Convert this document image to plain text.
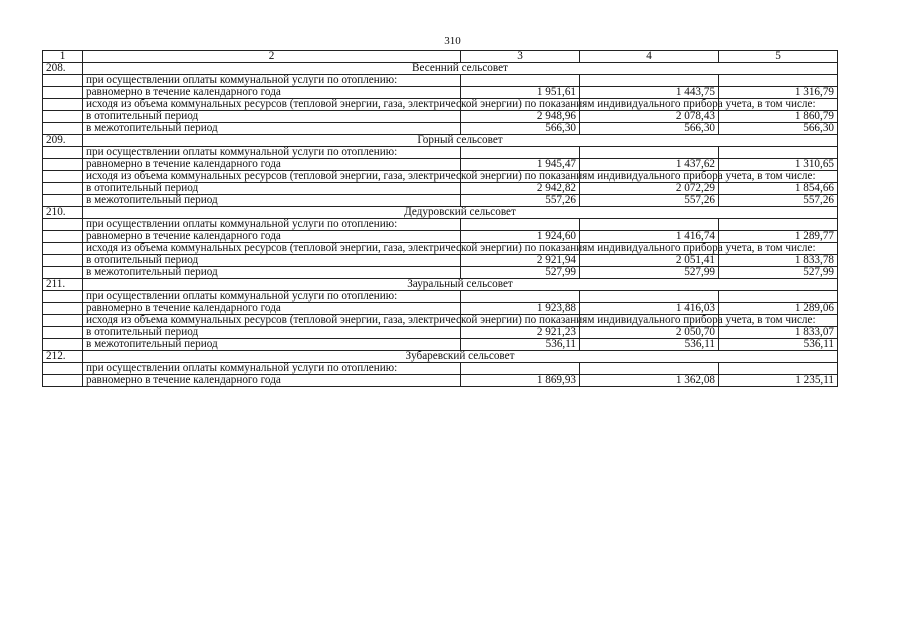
310
1	2	3	4	5
208.	Весенний сельсовет			
	при осуществлении оплаты коммунальной услуги по отоплению:			
	равномерно в течение календарного года	1 951,61	1 443,75	1 316,79
	исходя из объема коммунальных ресурсов (тепловой энергии, газа, электрической энергии) по показаниям индивидуального прибора учета, в том числе:			
	в отопительный период	2 948,96	2 078,43	1 860,79
	в межотопительный период	566,30	566,30	566,30
209.	Горный сельсовет			
	при осуществлении оплаты коммунальной услуги по отоплению:			
	равномерно в течение календарного года	1 945,47	1 437,62	1 310,65
	исходя из объема коммунальных ресурсов (тепловой энергии, газа, электрической энергии) по показаниям индивидуального прибора учета, в том числе:			
	в отопительный период	2 942,82	2 072,29	1 854,66
	в межотопительный период	557,26	557,26	557,26
210.	Дедуровский сельсовет			
	при осуществлении оплаты коммунальной услуги по отоплению:			
	равномерно в течение календарного года	1 924,60	1 416,74	1 289,77
	исходя из объема коммунальных ресурсов (тепловой энергии, газа, электрической энергии) по показаниям индивидуального прибора учета, в том числе:			
	в отопительный период	2 921,94	2 051,41	1 833,78
	в межотопительный период	527,99	527,99	527,99
211.	Зауральный сельсовет			
	при осуществлении оплаты коммунальной услуги по отоплению:			
	равномерно в течение календарного года	1 923,88	1 416,03	1 289,06
	исходя из объема коммунальных ресурсов (тепловой энергии, газа, электрической энергии) по показаниям индивидуального прибора учета, в том числе:			
	в отопительный период	2 921,23	2 050,70	1 833,07
	в межотопительный период	536,11	536,11	536,11
212.	Зубаревский сельсовет			
	при осуществлении оплаты коммунальной услуги по отоплению:			
	равномерно в течение календарного года	1 869,93	1 362,08	1 235,11
